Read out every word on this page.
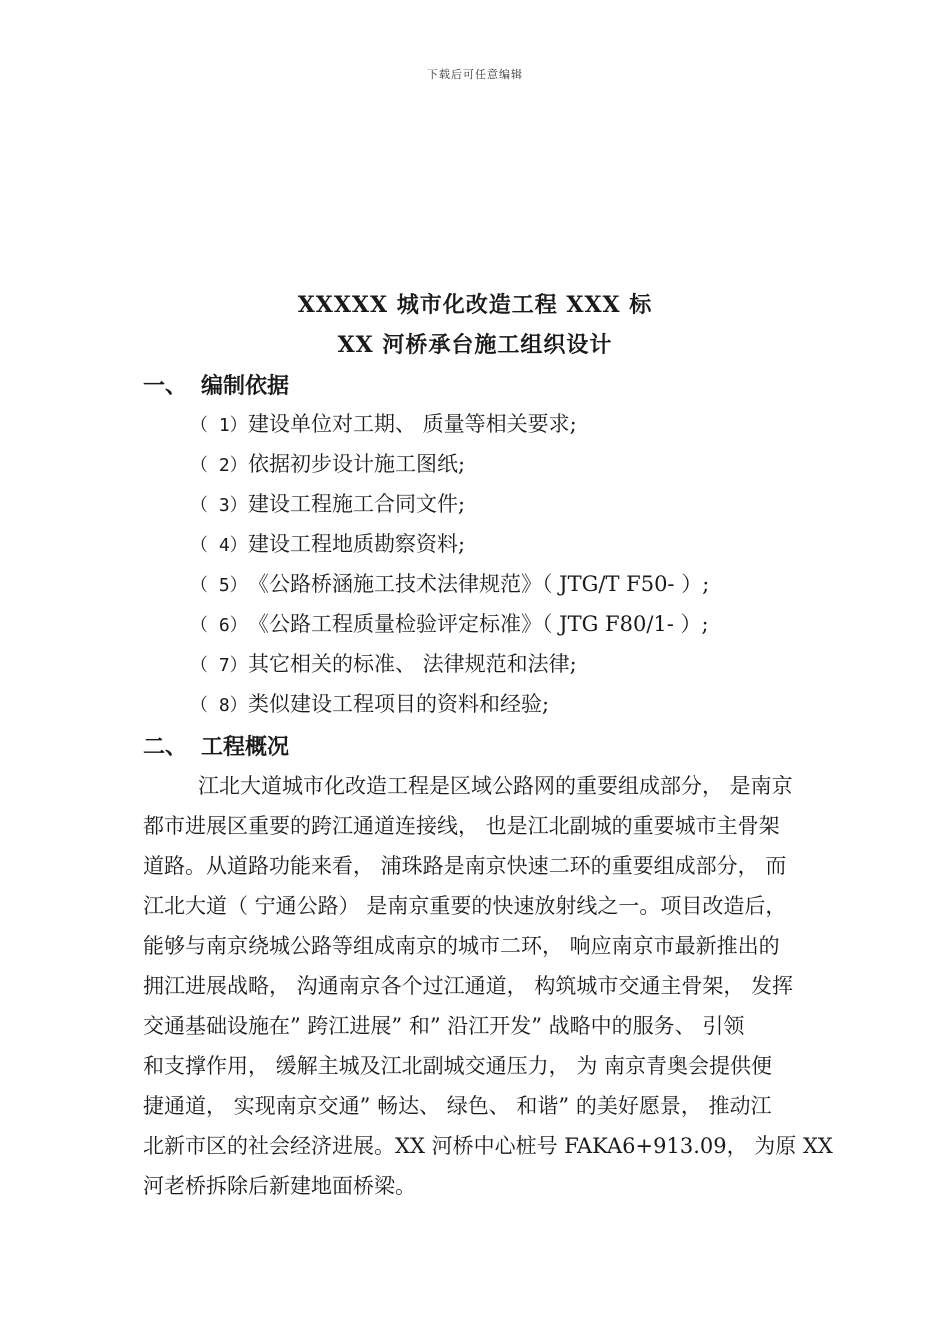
下载后可任意编辑
XXXXX 城市化改造工程 XXX 标
XX 河桥承台施工组织设计
一、 编制依据
（ 1）建设单位对工期、 质量等相关要求;
（ 2）依据初步设计施工图纸;
（ 3）建设工程施工合同文件;
（ 4）建设工程地质勘察资料;
（ 5）《公路桥涵施工技术法律规范》（ JTG/T F50- ）;
（ 6）《公路工程质量检验评定标准》（ JTG F80/1- ）;
（ 7）其它相关的标准、 法律规范和法律;
（ 8）类似建设工程项目的资料和经验;
二、 工程概况
江北大道城市化改造工程是区域公路网的重要组成部分， 是南京
都市进展区重要的跨江通道连接线， 也是江北副城的重要城市主骨架
道路。从道路功能来看， 浦珠路是南京快速二环的重要组成部分， 而
江北大道（ 宁通公路） 是南京重要的快速放射线之一。项目改造后，
能够与南京绕城公路等组成南京的城市二环， 响应南京市最新推出的
拥江进展战略， 沟通南京各个过江通道， 构筑城市交通主骨架， 发挥
交通基础设施在” 跨江进展” 和” 沿江开发” 战略中的服务、 引领
和支撑作用， 缓解主城及江北副城交通压力， 为 南京青奥会提供便
捷通道， 实现南京交通” 畅达、 绿色、 和谐” 的美好愿景， 推动江
北新市区的社会经济进展。XX 河桥中心桩号 FAKA6+913.09， 为原 XX
河老桥拆除后新建地面桥梁。
